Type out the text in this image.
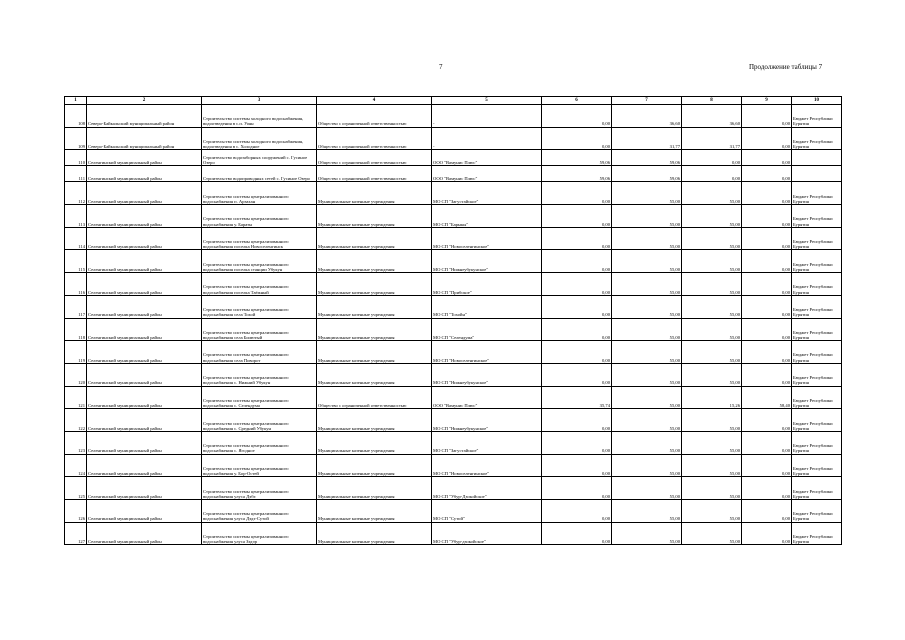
7	Продолжение таблицы 7
1	2	3	4	5	6	7	8	9	10
108	Северо-Байкальский муниципальный район	Строительство системы холодного водоснабжения, водоотведения в с.п. Уоян	Общество с ограниченной ответственностью	-	0,00	36,60	36,60	0,00	Бюджет Республики Бурятия
109	Северо-Байкальский муниципальный район	Строительство системы холодного водоснабжения, водоотведения в с. Холодное	Общество с ограниченной ответственностью	-	0,00	31,77	31,77	0,00	Бюджет Республики Бурятия
110	Селенгинский муниципальный район	Строительство водозаборных сооружений с. Гусиное Озеро	Общество с ограниченной ответственностью	ООО "Вамунис Плюс"	59,06	59,06	0,00	0,00	
111	Селенгинский муниципальный район	Строительство водопроводных сетей с. Гусиное Озеро	Общество с ограниченной ответственностью	ООО "Вамунис Плюс"	59,06	59,06	0,00	0,00	
112	Селенгинский муниципальный район	Строительство системы централизованного водоснабжения п. Арзахан	Муниципальные казенные учреждения	МО СП "Загустайское"	0,00	55,00	55,00	0,00	Бюджет Республики Бурятия
113	Селенгинский муниципальный район	Строительство системы централизованного водоснабжения у. Бараты	Муниципальные казенные учреждения	МО СП "Барыкы"	0,00	55,00	55,00	0,00	Бюджет Республики Бурятия
114	Селенгинский муниципальный район	Строительство системы централизованного водоснабжения поселка Новоселенгинск	Муниципальные казенные учреждения	МО СП "Новоселенгинское"	0,00	55,00	55,00	0,00	Бюджет Республики Бурятия
115	Селенгинский муниципальный район	Строительство системы централизованного водоснабжения поселка станции Убукун	Муниципальные казенные учреждения	МО СП "Нижнеубукунское"	0,00	55,00	55,00	0,00	Бюджет Республики Бурятия
116	Селенгинский муниципальный район	Строительство системы централизованного водоснабжения поселка Таёжный	Муниципальные казенные учреждения	МО СП "Прибское"	0,00	55,00	55,00	0,00	Бюджет Республики Бурятия
117	Селенгинский муниципальный район	Строительство системы централизованного водоснабжения села Тохой	Муниципальные казенные учреждения	МО СП "Тохойн"	0,00	55,00	55,00	0,00	Бюджет Республики Бурятия
118	Селенгинский муниципальный район	Строительство системы централизованного водоснабжения села Билютый	Муниципальные казенные учреждения	МО СП "Селендума"	0,00	55,00	55,00	0,00	Бюджет Республики Бурятия
119	Селенгинский муниципальный район	Строительство системы централизованного водоснабжения села Поворот	Муниципальные казенные учреждения	МО СП "Новоселенгинское"	0,00	55,00	55,00	0,00	Бюджет Республики Бурятия
120	Селенгинский муниципальный район	Строительство системы централизованного водоснабжения с. Нижний Убукун	Муниципальные казенные учреждения	МО СП "Нижнеубукунское"	0,00	55,00	55,00	0,00	Бюджет Республики Бурятия
121	Селенгинский муниципальный район	Строительство системы централизованного водоснабжения с. Селендума	Общество с ограниченной ответственностью	ООО "Вамунис Плюс"	35,74	55,00	15,26	58,40	Бюджет Республики Бурятия
122	Селенгинский муниципальный район	Строительство системы централизованного водоснабжения с. Средний Убукун	Муниципальные казенные учреждения	МО СП "Нижнеубукунское"	0,00	55,00	55,00	0,00	Бюджет Республики Бурятия
123	Селенгинский муниципальный район	Строительство системы централизованного водоснабжения с. Ягодное	Муниципальные казенные учреждения	МО СП "Загустайское"	0,00	55,00	55,00	0,00	Бюджет Республики Бурятия
124	Селенгинский муниципальный район	Строительство системы централизованного водоснабжения у. Бор-Остей	Муниципальные казенные учреждения	МО СП "Новоселенгинское"	0,00	55,00	55,00	0,00	Бюджет Республики Бурятия
125	Селенгинский муниципальный район	Строительство системы централизованного водоснабжения улуса Дэбэ	Муниципальные казенные учреждения	МО СП "Убур-Дзокойское"	0,00	55,00	55,00	0,00	Бюджет Республики Бурятия
126	Селенгинский муниципальный район	Строительство системы централизованного водоснабжения улуса Дэдэ-Сутой	Муниципальные казенные учреждения	МО СП "Сутой"	0,00	55,00	55,00	0,00	Бюджет Республики Бурятия
127	Селенгинский муниципальный район	Строительство системы централизованного водоснабжения улуса Зэдэр	Муниципальные казенные учреждения	МО СП "Убур-дзокойское"	0,00	55,00	55,00	0,00	Бюджет Республики Бурятия
